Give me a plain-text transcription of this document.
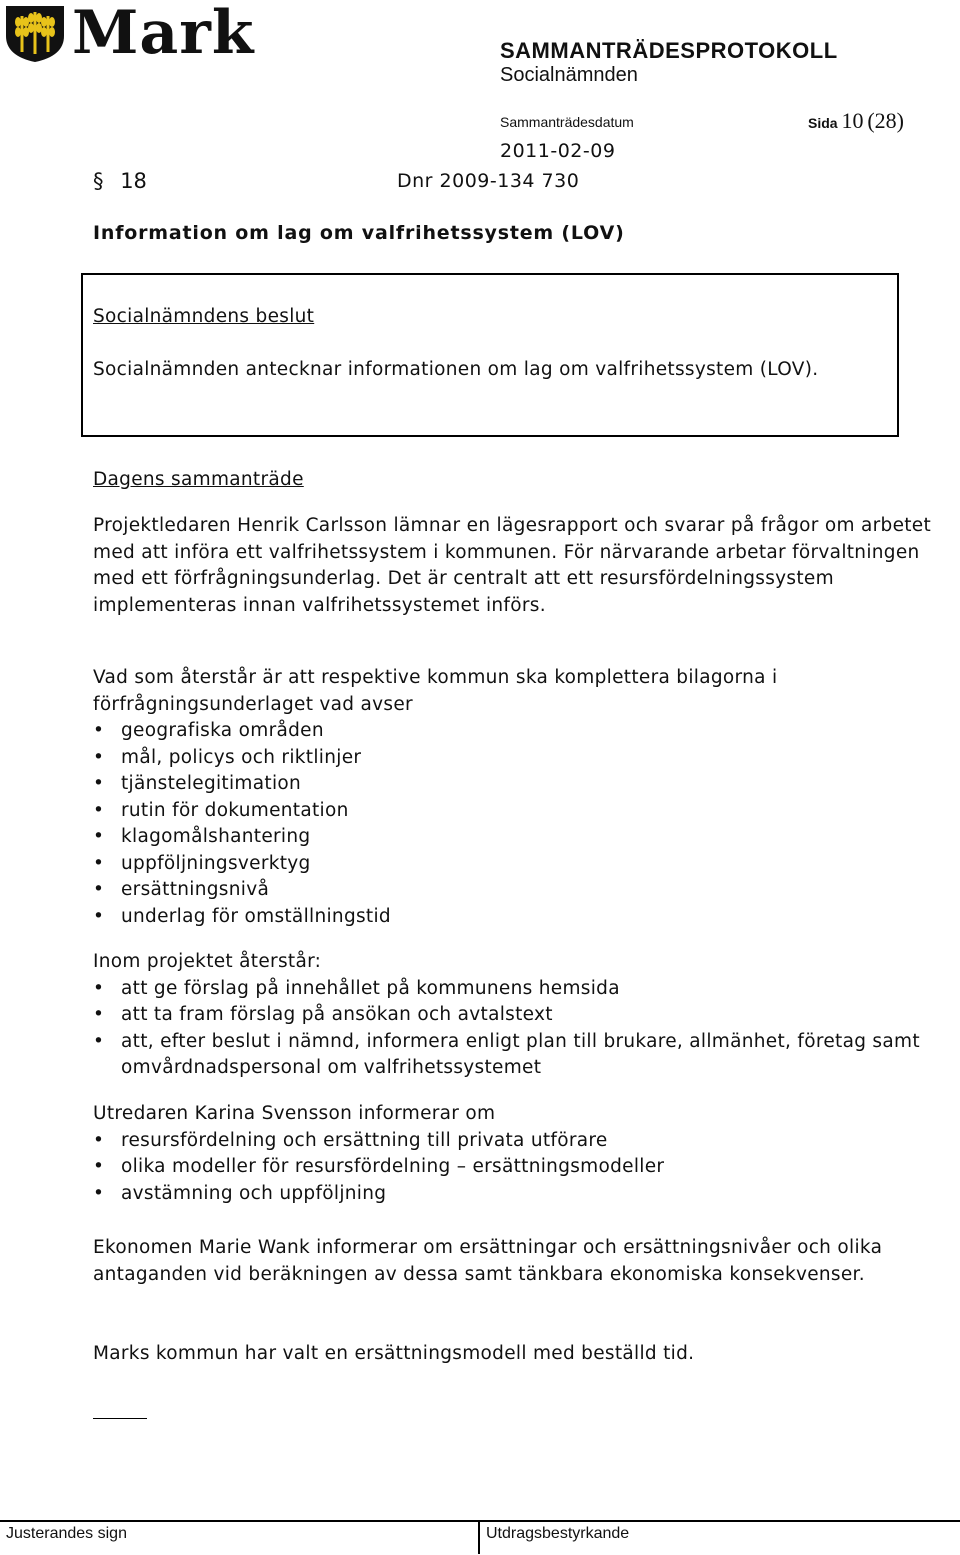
Mark	SAMMANTRÄDESPROTOKOLL
Socialnämnden
Sammanträdesdatum	Sida 10 (28)
2011-02-09
§ 18	Dnr 2009-134 730
Information om lag om valfrihetssystem (LOV)
Socialnämndens beslut
Socialnämnden antecknar informationen om lag om valfrihetssystem (LOV).
Dagens sammanträde
Projektledaren Henrik Carlsson lämnar en lägesrapport och svarar på frågor om arbetet med att införa ett valfrihetssystem i kommunen. För närvarande arbetar förvaltningen med ett förfrågningsunderlag. Det är centralt att ett resursfördelningssystem implementeras innan valfrihetssystemet införs.
Vad som återstår är att respektive kommun ska komplettera bilagorna i förfrågningsunderlaget vad avser
• geografiska områden
• mål, policys och riktlinjer
• tjänstelegitimation
• rutin för dokumentation
• klagomålshantering
• uppföljningsverktyg
• ersättningsnivå
• underlag för omställningstid
Inom projektet återstår:
• att ge förslag på innehållet på kommunens hemsida
• att ta fram förslag på ansökan och avtalstext
• att, efter beslut i nämnd, informera enligt plan till brukare, allmänhet, företag samt omvårdnadspersonal om valfrihetssystemet
Utredaren Karina Svensson informerar om
• resursfördelning och ersättning till privata utförare
• olika modeller för resursfördelning – ersättningsmodeller
• avstämning och uppföljning
Ekonomen Marie Wank informerar om ersättningar och ersättningsnivåer och olika antaganden vid beräkningen av dessa samt tänkbara ekonomiska konsekvenser.
Marks kommun har valt en ersättningsmodell med beställd tid.
Justerandes sign	Utdragsbestyrkande
